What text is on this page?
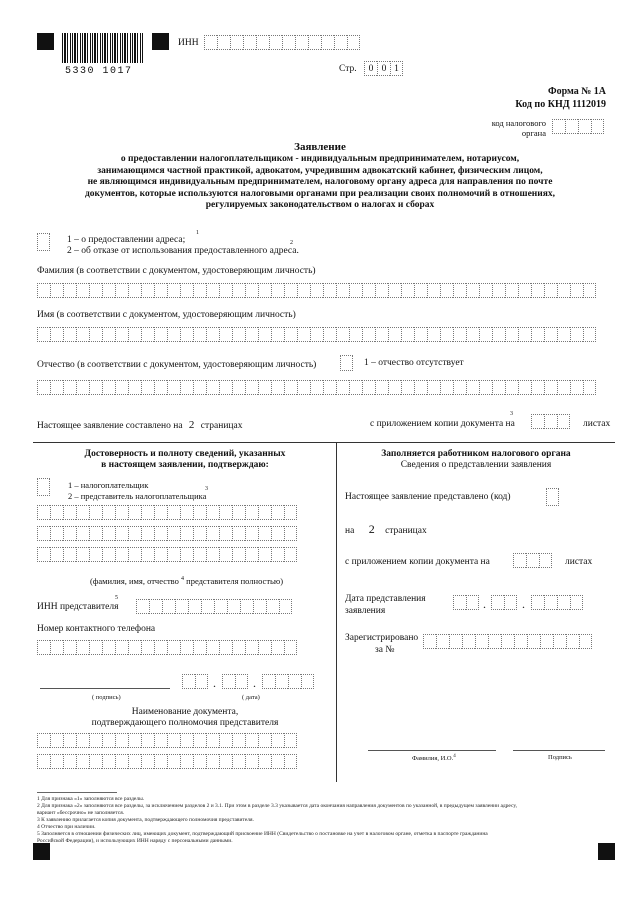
5330 1017
ИНН
Стр.	0 0 1
Форма № 1А
Код по КНД 1112019
код налогового
органа
Заявление
о предоставлении налогоплательщиком - индивидуальным предпринимателем, нотариусом,
занимающимся частной практикой, адвокатом, учредившим адвокатский кабинет, физическим лицом,
не являющимся индивидуальным предпринимателем, налоговому органу адреса для направления по почте
документов, которые используются налоговыми органами при реализации своих полномочий в отношениях,
регулируемых законодательством о налогах и сборах
1 – о предоставлении адреса;
1
2 – об отказе от использования предоставленного адреса.
2
Фамилия (в соответствии с документом, удостоверяющим личность)
Имя (в соответствии с документом, удостоверяющим личность)
Отчество (в соответствии с документом, удостоверяющим личность)	1 – отчество отсутствует
Настоящее заявление составлено на 2 страницах	с приложением копии документа на
3
листах
Достоверность и полноту сведений, указанных
в настоящем заявлении, подтверждаю:
1 – налогоплательщик
2 – представитель налогоплательщика
3
(фамилия, имя, отчество $^4$ представителя полностью)
ИНН представителя
5
Номер контактного телефона
( подпись)
.	.
( дата)
Наименование документа,
подтверждающего полномочия представителя
Заполняется работником налогового органа
Сведения о представлении заявления
Настоящее заявление представлено (код)
на 2 страницах
с приложением копии документа на	листах
Дата представления
заявления	.	.
Зарегистрировано
за №
Фамилия, И.О.$^4$	Подпись
1 Для признака «1» заполняются все разделы.
2 Для признака «2» заполняются все разделы, за исключением разделов 2 и 3.1. При этом в разделе 3.3 указывается дата окончания направления документов по указанной, в предыдущем заявлении адресу,
вариант «бессрочно» не заполняется.
3 К заявлению прилагается копия документа, подтверждающего полномочия представителя.
4 Отчество при наличии.
5 Заполняется в отношении физических лиц, имеющих документ, подтверждающий присвоение ИНН (Свидетельство о постановке на учет в налоговом органе, отметка в паспорте гражданина
Российской Федерации), и использующих ИНН наряду с персональными данными.
